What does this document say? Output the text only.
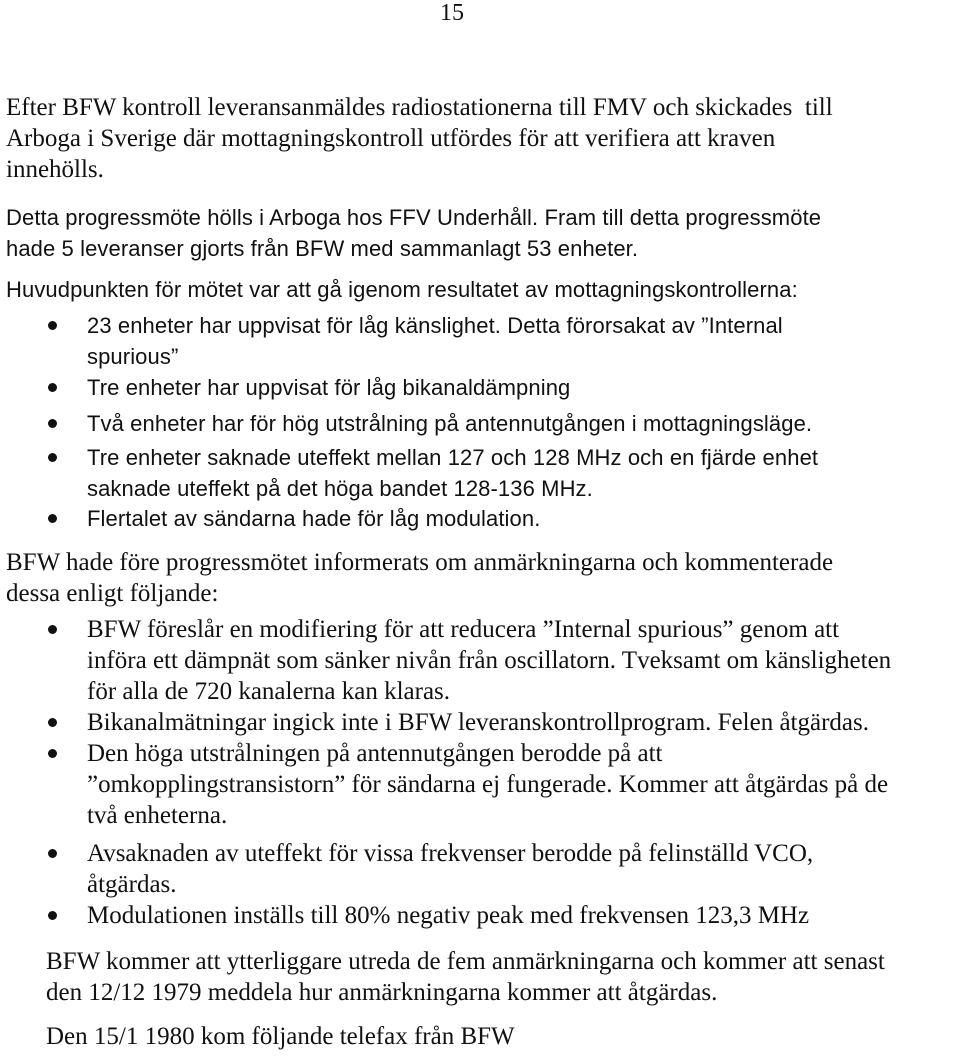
15

Efter BFW kontroll leveransanmäldes radiostationerna till FMV och skickades  till
Arboga i Sverige där mottagningskontroll utfördes för att verifiera att kraven
innehölls.

Detta progressmöte hölls i Arboga hos FFV Underhåll. Fram till detta progressmöte
hade 5 leveranser gjorts från BFW med sammanlagt 53 enheter.

Huvudpunkten för mötet var att gå igenom resultatet av mottagningskontrollerna:

23 enheter har uppvisat för låg känslighet. Detta förorsakat av ”Internal
spurious”
Tre enheter har uppvisat för låg bikanaldämpning
Två enheter har för hög utstrålning på antennutgången i mottagningsläge.
Tre enheter saknade uteffekt mellan 127 och 128 MHz och en fjärde enhet
saknade uteffekt på det höga bandet 128-136 MHz.
Flertalet av sändarna hade för låg modulation.

BFW hade före progressmötet informerats om anmärkningarna och kommenterade
dessa enligt följande:

BFW föreslår en modifiering för att reducera ”Internal spurious” genom att
införa ett dämpnät som sänker nivån från oscillatorn. Tveksamt om känsligheten
för alla de 720 kanalerna kan klaras.
Bikanalmätningar ingick inte i BFW leveranskontrollprogram. Felen åtgärdas.
Den höga utstrålningen på antennutgången berodde på att
”omkopplingstransistorn” för sändarna ej fungerade. Kommer att åtgärdas på de
två enheterna.
Avsaknaden av uteffekt för vissa frekvenser berodde på felinställd VCO,
åtgärdas.
Modulationen inställs till 80% negativ peak med frekvensen 123,3 MHz

BFW kommer att ytterliggare utreda de fem anmärkningarna och kommer att senast
den 12/12 1979 meddela hur anmärkningarna kommer att åtgärdas.

Den 15/1 1980 kom följande telefax från BFW
